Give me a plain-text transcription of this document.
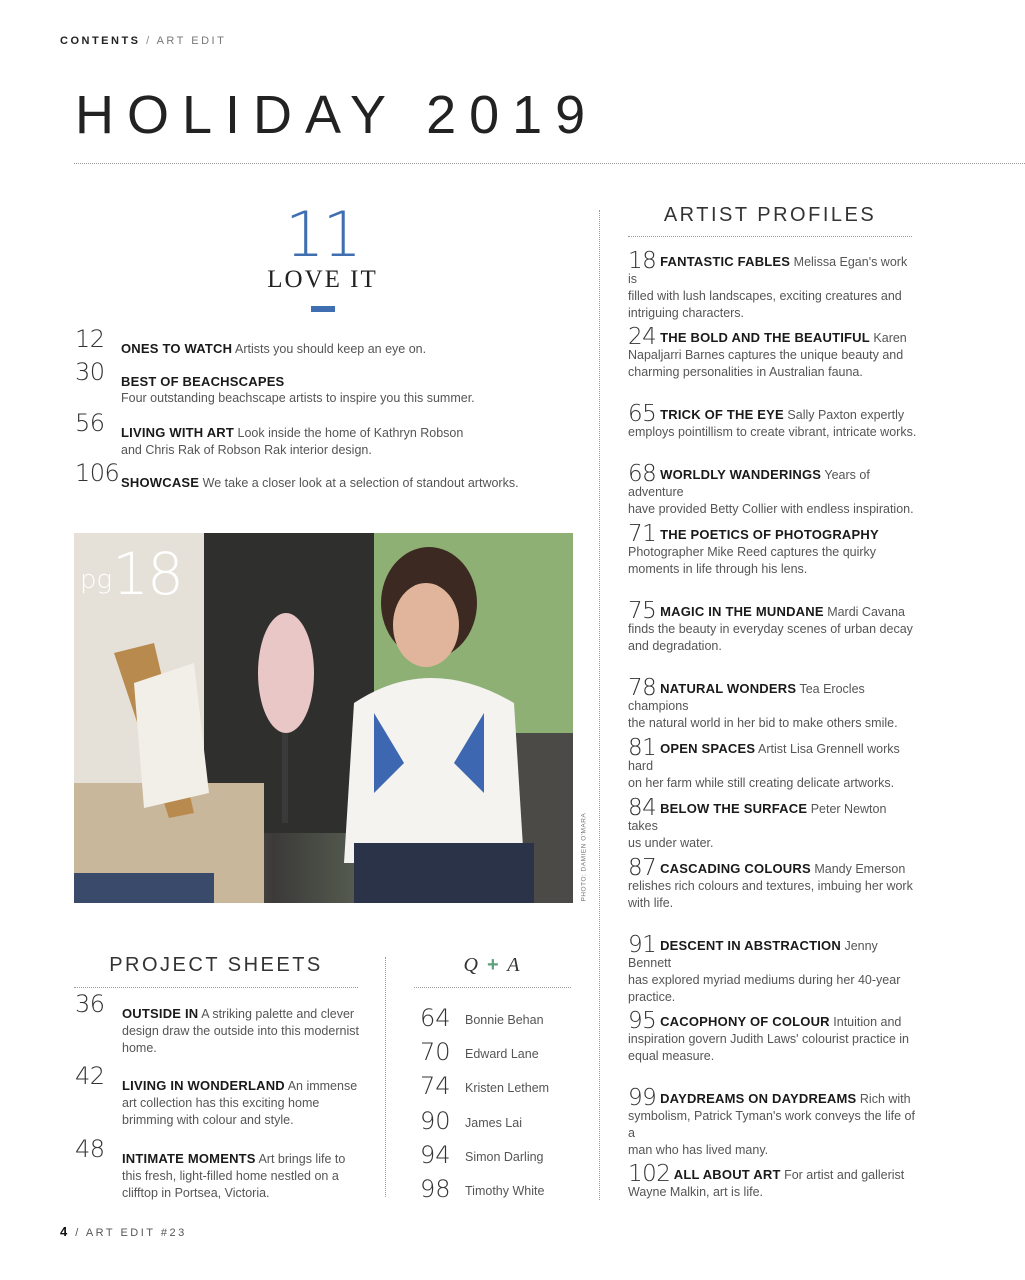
CONTENTS / ART EDIT
HOLIDAY 2019
11
LOVE IT
12 ONES TO WATCH Artists you should keep an eye on.
30 BEST OF BEACHSCAPES
Four outstanding beachscape artists to inspire you this summer.
56 LIVING WITH ART Look inside the home of Kathryn Robson
and Chris Rak of Robson Rak interior design.
106 SHOWCASE We take a closer look at a selection of standout artworks.
pg18
PHOTO: DAMIEN O'MARA
PROJECT SHEETS
36 OUTSIDE IN A striking palette and clever
design draw the outside into this modernist
home.
42 LIVING IN WONDERLAND An immense
art collection has this exciting home
brimming with colour and style.
48 INTIMATE MOMENTS Art brings life to
this fresh, light-filled home nestled on a
clifftop in Portsea, Victoria.
Q + A
64 Bonnie Behan
70 Edward Lane
74 Kristen Lethem
90 James Lai
94 Simon Darling
98 Timothy White
ARTIST PROFILES
18 FANTASTIC FABLES Melissa Egan's work is
filled with lush landscapes, exciting creatures and
intriguing characters.
24 THE BOLD AND THE BEAUTIFUL Karen
Napaljarri Barnes captures the unique beauty and
charming personalities in Australian fauna.
65 TRICK OF THE EYE Sally Paxton expertly
employs pointillism to create vibrant, intricate works.
68 WORLDLY WANDERINGS Years of adventure
have provided Betty Collier with endless inspiration.
71 THE POETICS OF PHOTOGRAPHY
Photographer Mike Reed captures the quirky
moments in life through his lens.
75 MAGIC IN THE MUNDANE Mardi Cavana
finds the beauty in everyday scenes of urban decay
and degradation.
78 NATURAL WONDERS Tea Erocles champions
the natural world in her bid to make others smile.
81 OPEN SPACES Artist Lisa Grennell works hard
on her farm while still creating delicate artworks.
84 BELOW THE SURFACE Peter Newton takes
us under water.
87 CASCADING COLOURS Mandy Emerson
relishes rich colours and textures, imbuing her work
with life.
91 DESCENT IN ABSTRACTION Jenny Bennett
has explored myriad mediums during her 40-year
practice.
95 CACOPHONY OF COLOUR Intuition and
inspiration govern Judith Laws' colourist practice in
equal measure.
99 DAYDREAMS ON DAYDREAMS Rich with
symbolism, Patrick Tyman's work conveys the life of a
man who has lived many.
102 ALL ABOUT ART For artist and gallerist
Wayne Malkin, art is life.
4 / ART EDIT #23
